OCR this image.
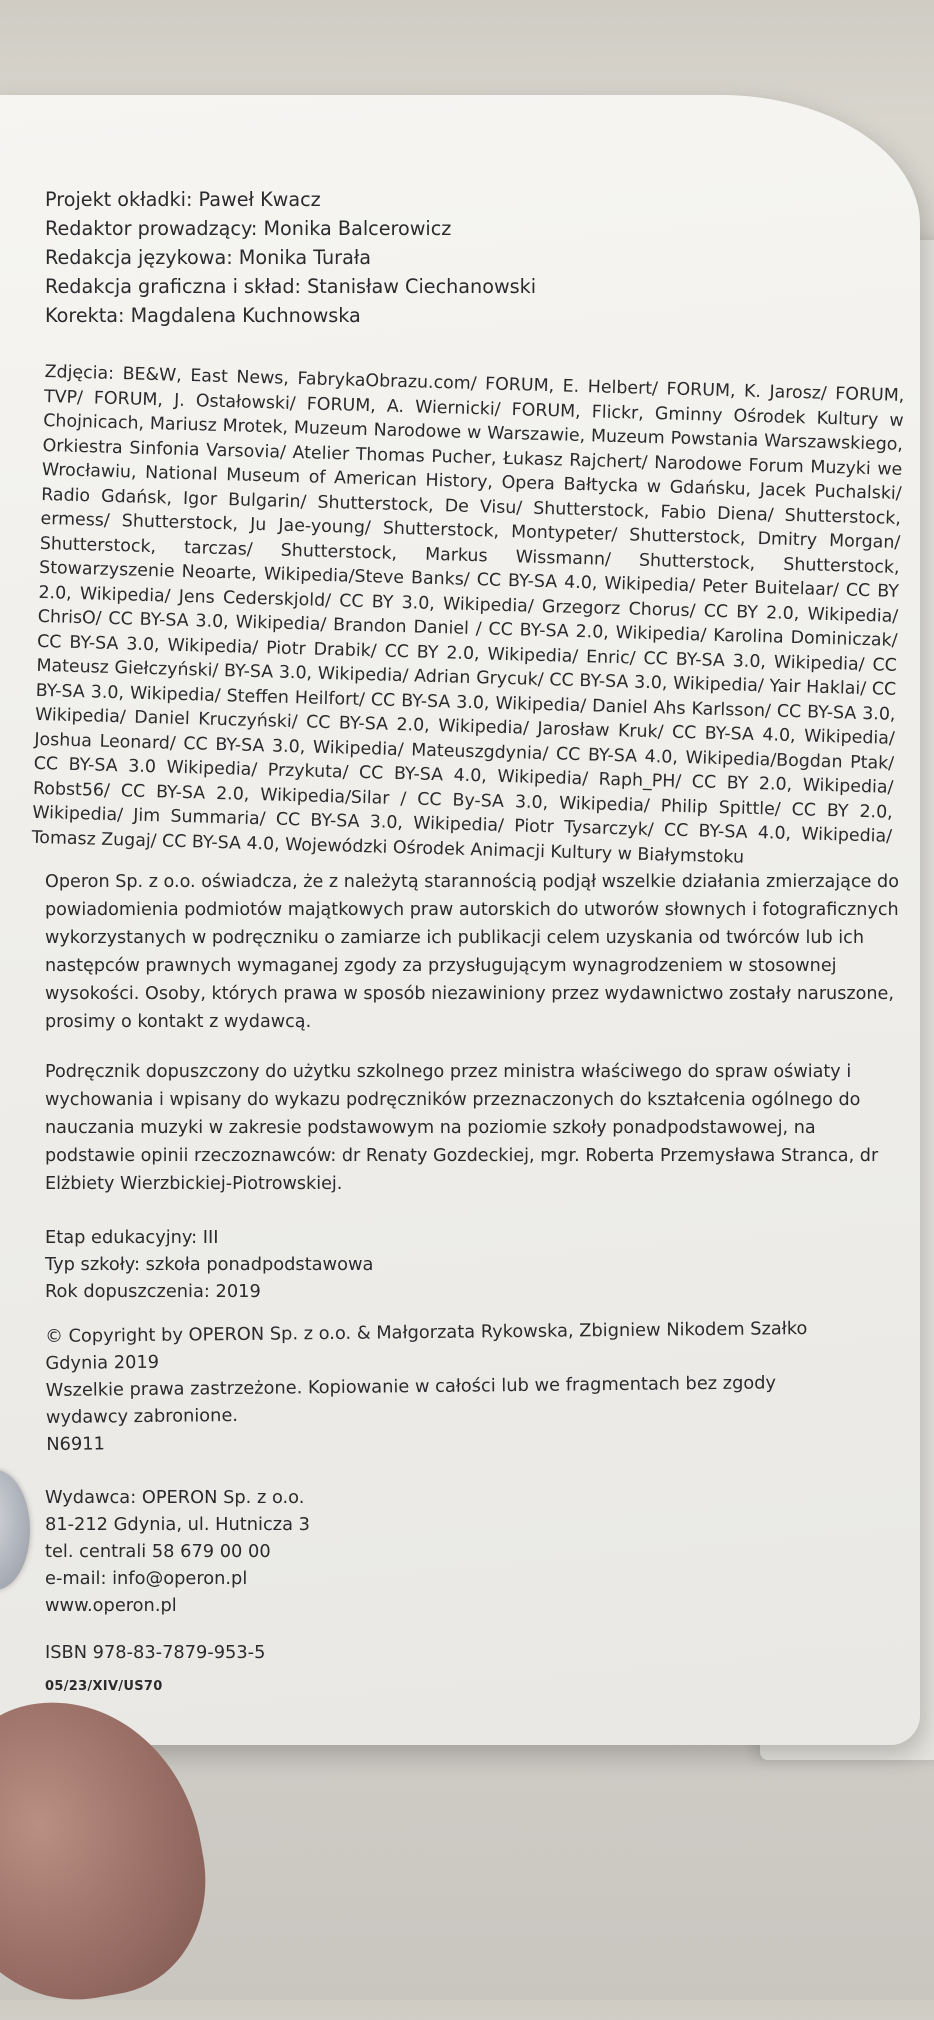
Projekt okładki: Paweł Kwacz
Redaktor prowadzący: Monika Balcerowicz
Redakcja językowa: Monika Turała
Redakcja graficzna i skład: Stanisław Ciechanowski
Korekta: Magdalena Kuchnowska

Zdjęcia: BE&W, East News, FabrykaObrazu.com/ FORUM, E. Helbert/ FORUM, K. Jarosz/ FORUM, TVP/ FORUM, J. Ostałowski/ FORUM, A. Wiernicki/ FORUM, Flickr, Gminny Ośrodek Kultury w Chojnicach, Mariusz Mrotek, Muzeum Narodowe w Warszawie, Muzeum Powstania Warszawskiego, Orkiestra Sinfonia Varsovia/ Atelier Thomas Pucher, Łukasz Rajchert/ Narodowe Forum Muzyki we Wrocławiu, National Museum of American History, Opera Bałtycka w Gdańsku, Jacek Puchalski/ Radio Gdańsk, Igor Bulgarin/ Shutterstock, De Visu/ Shutterstock, Fabio Diena/ Shutterstock, ermess/ Shutterstock, Ju Jae-young/ Shutterstock, Montypeter/ Shutterstock, Dmitry Morgan/ Shutterstock, tarczas/ Shutterstock, Markus Wissmann/ Shutterstock, Shutterstock, Stowarzyszenie Neoarte, Wikipedia/Steve Banks/ CC BY-SA 4.0, Wikipedia/ Peter Buitelaar/ CC BY 2.0, Wikipedia/ Jens Cederskjold/ CC BY 3.0, Wikipedia/ Grzegorz Chorus/ CC BY 2.0, Wikipedia/ ChrisO/ CC BY-SA 3.0, Wikipedia/ Brandon Daniel / CC BY-SA 2.0, Wikipedia/ Karolina Dominiczak/ CC BY-SA 3.0, Wikipedia/ Piotr Drabik/ CC BY 2.0, Wikipedia/ Enric/ CC BY-SA 3.0, Wikipedia/ CC Mateusz Giełczyński/ BY-SA 3.0, Wikipedia/ Adrian Grycuk/ CC BY-SA 3.0, Wikipedia/ Yair Haklai/ CC BY-SA 3.0, Wikipedia/ Steffen Heilfort/ CC BY-SA 3.0, Wikipedia/ Daniel Ahs Karlsson/ CC BY-SA 3.0, Wikipedia/ Daniel Kruczyński/ CC BY-SA 2.0, Wikipedia/ Jarosław Kruk/ CC BY-SA 4.0, Wikipedia/ Joshua Leonard/ CC BY-SA 3.0, Wikipedia/ Mateuszgdynia/ CC BY-SA 4.0, Wikipedia/Bogdan Ptak/ CC BY-SA 3.0 Wikipedia/ Przykuta/ CC BY-SA 4.0, Wikipedia/ Raph_PH/ CC BY 2.0, Wikipedia/ Robst56/ CC BY-SA 2.0, Wikipedia/Silar / CC By-SA 3.0, Wikipedia/ Philip Spittle/ CC BY 2.0, Wikipedia/ Jim Summaria/ CC BY-SA 3.0, Wikipedia/ Piotr Tysarczyk/ CC BY-SA 4.0, Wikipedia/ Tomasz Zugaj/ CC BY-SA 4.0, Wojewódzki Ośrodek Animacji Kultury w Białymstoku

Operon Sp. z o.o. oświadcza, że z należytą starannością podjął wszelkie działania zmierzające do powiadomienia podmiotów majątkowych praw autorskich do utworów słownych i fotograficznych wykorzystanych w podręczniku o zamiarze ich publikacji celem uzyskania od twórców lub ich następców prawnych wymaganej zgody za przysługującym wynagrodzeniem w stosownej wysokości. Osoby, których prawa w sposób niezawiniony przez wydawnictwo zostały naruszone, prosimy o kontakt z wydawcą.

Podręcznik dopuszczony do użytku szkolnego przez ministra właściwego do spraw oświaty i wychowania i wpisany do wykazu podręczników przeznaczonych do kształcenia ogólnego do nauczania muzyki w zakresie podstawowym na poziomie szkoły ponadpodstawowej, na podstawie opinii rzeczoznawców: dr Renaty Gozdeckiej, mgr. Roberta Przemysława Stranca, dr Elżbiety Wierzbickiej-Piotrowskiej.

Etap edukacyjny: III
Typ szkoły: szkoła ponadpodstawowa
Rok dopuszczenia: 2019
© Copyright by OPERON Sp. z o.o. & Małgorzata Rykowska, Zbigniew Nikodem Szałko
Gdynia 2019
Wszelkie prawa zastrzeżone. Kopiowanie w całości lub we fragmentach bez zgody
wydawcy zabronione.
N6911
Wydawca: OPERON Sp. z o.o.
81-212 Gdynia, ul. Hutnicza 3
tel. centrali 58 679 00 00
e-mail: info@operon.pl
www.operon.pl
ISBN 978-83-7879-953-5
05/23/XIV/US70
